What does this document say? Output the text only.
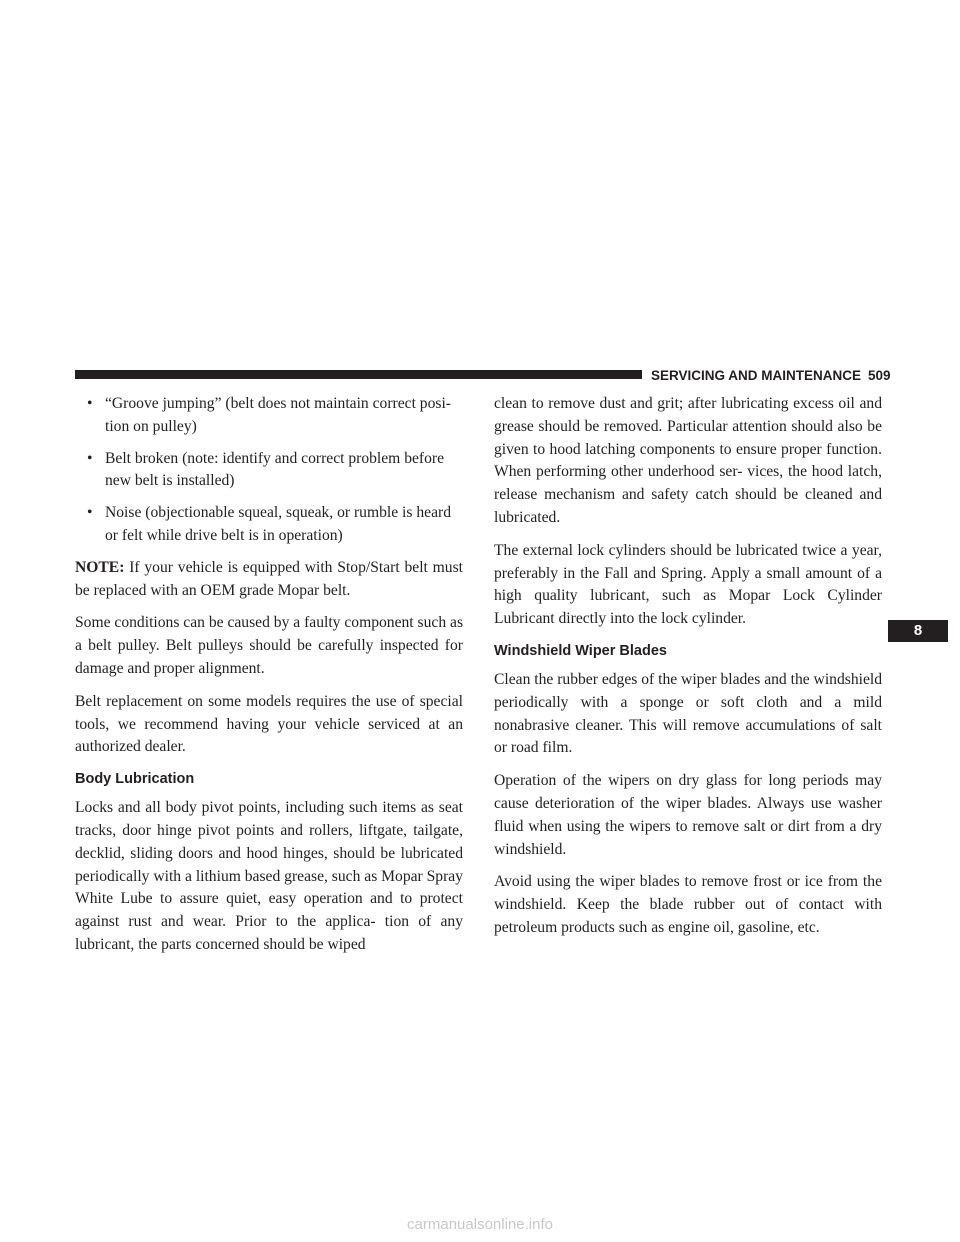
SERVICING AND MAINTENANCE 509
• “Groove jumping” (belt does not maintain correct posi- tion on pulley)
• Belt broken (note: identify and correct problem before new belt is installed)
• Noise (objectionable squeal, squeak, or rumble is heard or felt while drive belt is in operation)

NOTE: If your vehicle is equipped with Stop/Start belt must be replaced with an OEM grade Mopar belt.

Some conditions can be caused by a faulty component such as a belt pulley. Belt pulleys should be carefully inspected for damage and proper alignment.

Belt replacement on some models requires the use of special tools, we recommend having your vehicle serviced at an authorized dealer.

Body Lubrication

Locks and all body pivot points, including such items as seat tracks, door hinge pivot points and rollers, liftgate, tailgate, decklid, sliding doors and hood hinges, should be lubricated periodically with a lithium based grease, such as Mopar Spray White Lube to assure quiet, easy operation and to protect against rust and wear. Prior to the applica- tion of any lubricant, the parts concerned should be wiped

clean to remove dust and grit; after lubricating excess oil and grease should be removed. Particular attention should also be given to hood latching components to ensure proper function. When performing other underhood ser- vices, the hood latch, release mechanism and safety catch should be cleaned and lubricated.

The external lock cylinders should be lubricated twice a year, preferably in the Fall and Spring. Apply a small amount of a high quality lubricant, such as Mopar Lock Cylinder Lubricant directly into the lock cylinder.

Windshield Wiper Blades

Clean the rubber edges of the wiper blades and the windshield periodically with a sponge or soft cloth and a mild nonabrasive cleaner. This will remove accumulations of salt or road film.

Operation of the wipers on dry glass for long periods may cause deterioration of the wiper blades. Always use washer fluid when using the wipers to remove salt or dirt from a dry windshield.

Avoid using the wiper blades to remove frost or ice from the windshield. Keep the blade rubber out of contact with petroleum products such as engine oil, gasoline, etc.

8
carmanualsonline.info
